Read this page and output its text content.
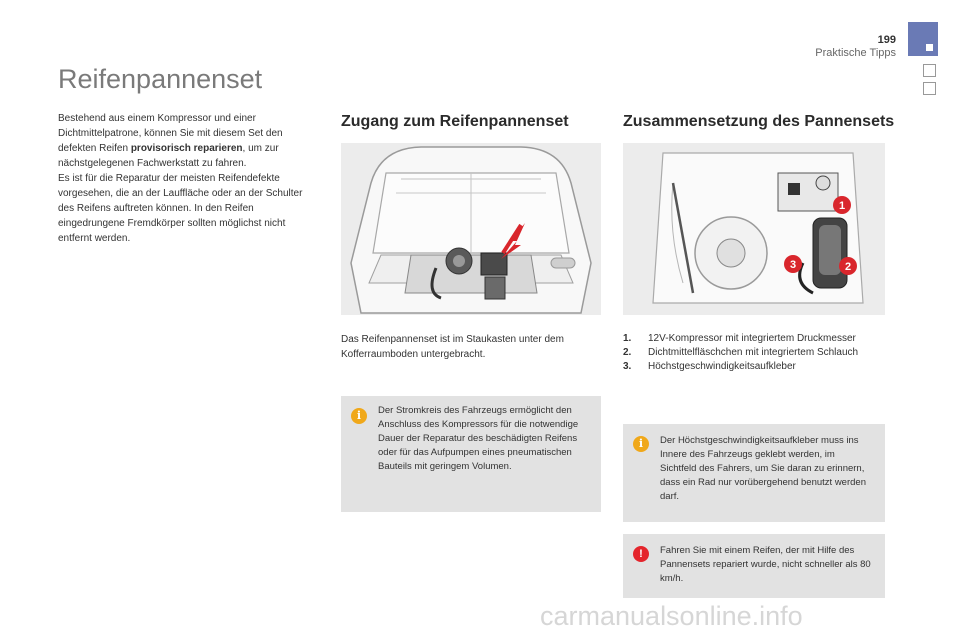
199
Praktische Tipps
Reifenpannenset

Bestehend aus einem Kompressor und einer Dichtmittelpatrone, können Sie mit diesem Set den defekten Reifen provisorisch reparieren, um zur nächstgelegenen Fachwerkstatt zu fahren.

Es ist für die Reparatur der meisten Reifendefekte vorgesehen, die an der Lauffläche oder an der Schulter des Reifens auftreten können. In den Reifen eingedrungene Fremdkörper sollten möglichst nicht entfernt werden.

Zugang zum Reifenpannenset	Zusammensetzung des Pannensets
1
2
3

Das Reifenpannenset ist im Staukasten unter dem Kofferraumboden untergebracht.

1.	12V-Kompressor mit integriertem Druckmesser
2.	Dichtmittelfläschchen mit integriertem Schlauch
3.	Höchstgeschwindigkeitsaufkleber
i	Der Stromkreis des Fahrzeugs ermöglicht den Anschluss des Kompressors für die notwendige Dauer der Reparatur des beschädigten Reifens oder für das Aufpumpen eines pneumatischen Bauteils mit geringem Volumen.

i	Der Höchstgeschwindigkeitsaufkleber muss ins Innere des Fahrzeugs geklebt werden, im Sichtfeld des Fahrers, um Sie daran zu erinnern, dass ein Rad nur vorübergehend benutzt werden darf.

!	Fahren Sie mit einem Reifen, der mit Hilfe des Pannensets repariert wurde, nicht schneller als 80 km/h.

carmanualsonline.info
